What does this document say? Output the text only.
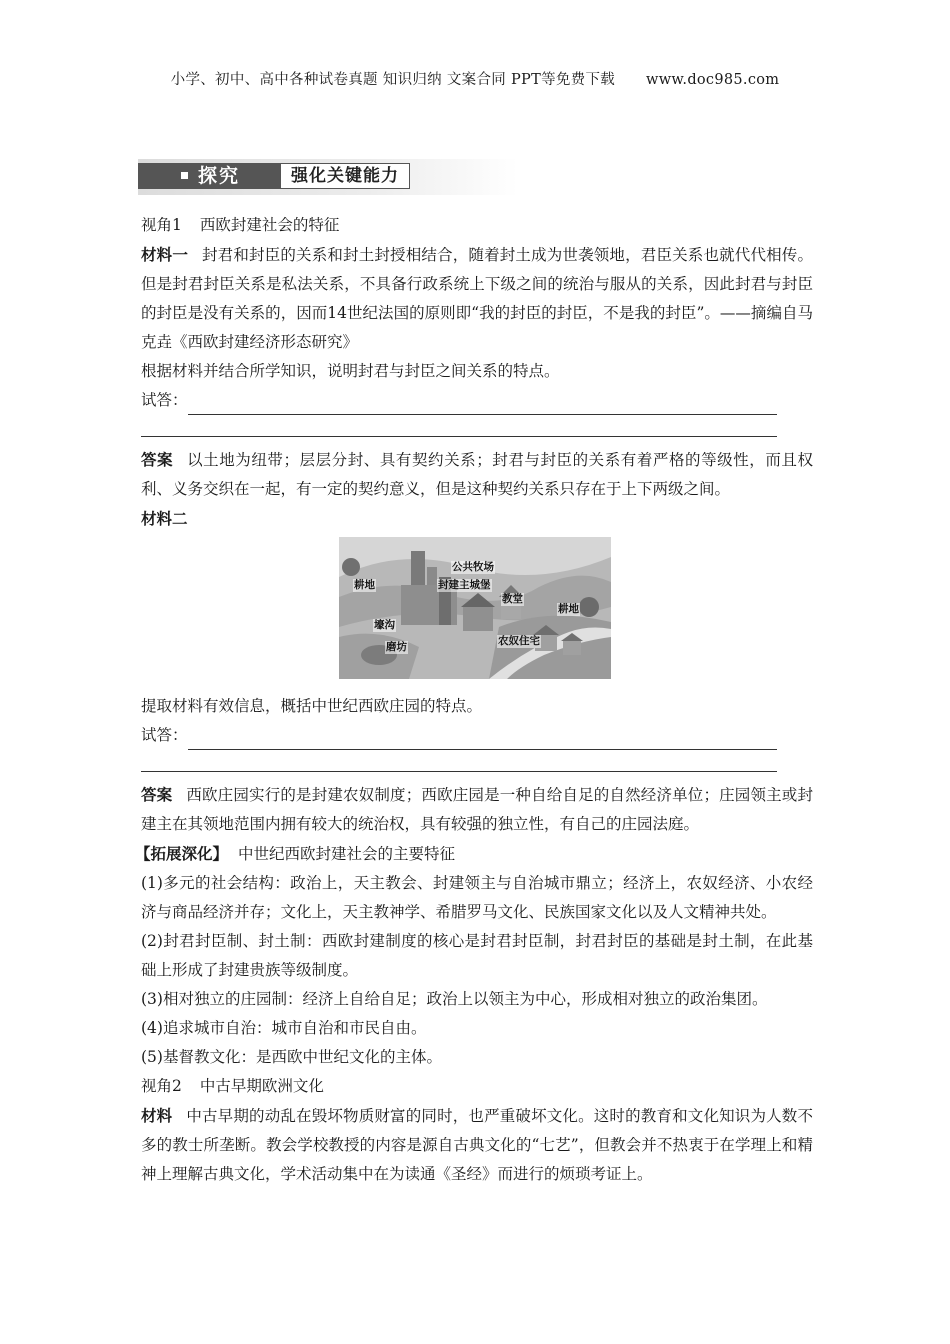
小学、初中、高中各种试卷真题 知识归纳 文案合同 PPT等免费下载 www.doc985.com
探究	强化关键能力

视角1 西欧封建社会的特征

材料一 封君和封臣的关系和封土封授相结合，随着封土成为世袭领地，君臣关系也就代代相传。但是封君封臣关系是私法关系，不具备行政系统上下级之间的统治与服从的关系，因此封君与封臣的封臣是没有关系的，因而14世纪法国的原则即“我的封臣的封臣，不是我的封臣”。——摘编自马克垚《西欧封建经济形态研究》

根据材料并结合所学知识，说明封君与封臣之间关系的特点。

试答：

答案 以土地为纽带；层层分封、具有契约关系；封君与封臣的关系有着严格的等级性，而且权利、义务交织在一起，有一定的契约意义，但是这种契约关系只存在于上下两级之间。

材料二

公共牧场
封建主城堡
耕地
教堂
耕地
壕沟
磨坊	农奴住宅

提取材料有效信息，概括中世纪西欧庄园的特点。

试答：

答案 西欧庄园实行的是封建农奴制度；西欧庄园是一种自给自足的自然经济单位；庄园领主或封建主在其领地范围内拥有较大的统治权，具有较强的独立性，有自己的庄园法庭。

【拓展深化】 中世纪西欧封建社会的主要特征

(1)多元的社会结构：政治上，天主教会、封建领主与自治城市鼎立；经济上，农奴经济、小农经济与商品经济并存；文化上，天主教神学、希腊罗马文化、民族国家文化以及人文精神共处。

(2)封君封臣制、封土制：西欧封建制度的核心是封君封臣制，封君封臣的基础是封土制，在此基础上形成了封建贵族等级制度。

(3)相对独立的庄园制：经济上自给自足；政治上以领主为中心，形成相对独立的政治集团。

(4)追求城市自治：城市自治和市民自由。

(5)基督教文化：是西欧中世纪文化的主体。

视角2 中古早期欧洲文化

材料 中古早期的动乱在毁坏物质财富的同时，也严重破坏文化。这时的教育和文化知识为人数不多的教士所垄断。教会学校教授的内容是源自古典文化的“七艺”，但教会并不热衷于在学理上和精神上理解古典文化，学术活动集中在为读通《圣经》而进行的烦琐考证上。
